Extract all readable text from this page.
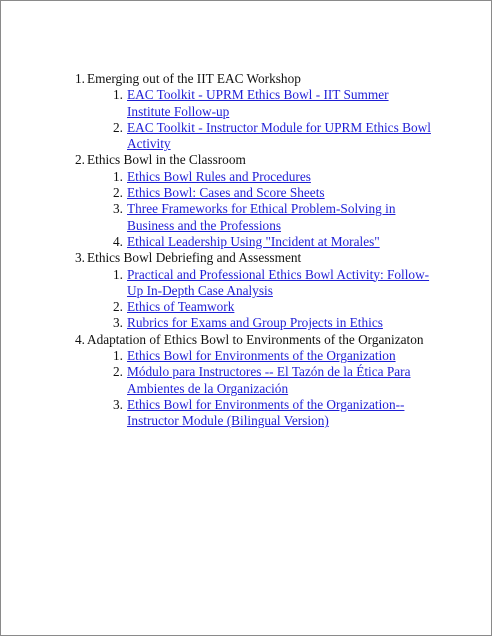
1. Emerging out of the IIT EAC Workshop
1. EAC Toolkit - UPRM Ethics Bowl - IIT Summer Institute Follow-up
2. EAC Toolkit - Instructor Module for UPRM Ethics Bowl Activity
2. Ethics Bowl in the Classroom
1. Ethics Bowl Rules and Procedures
2. Ethics Bowl: Cases and Score Sheets
3. Three Frameworks for Ethical Problem-Solving in Business and the Professions
4. Ethical Leadership Using "Incident at Morales"
3. Ethics Bowl Debriefing and Assessment
1. Practical and Professional Ethics Bowl Activity: Follow-Up In-Depth Case Analysis
2. Ethics of Teamwork
3. Rubrics for Exams and Group Projects in Ethics
4. Adaptation of Ethics Bowl to Environments of the Organizaton
1. Ethics Bowl for Environments of the Organization
2. Módulo para Instructores -- El Tazón de la Ética Para Ambientes de la Organización
3. Ethics Bowl for Environments of the Organization--Instructor Module (Bilingual Version)
